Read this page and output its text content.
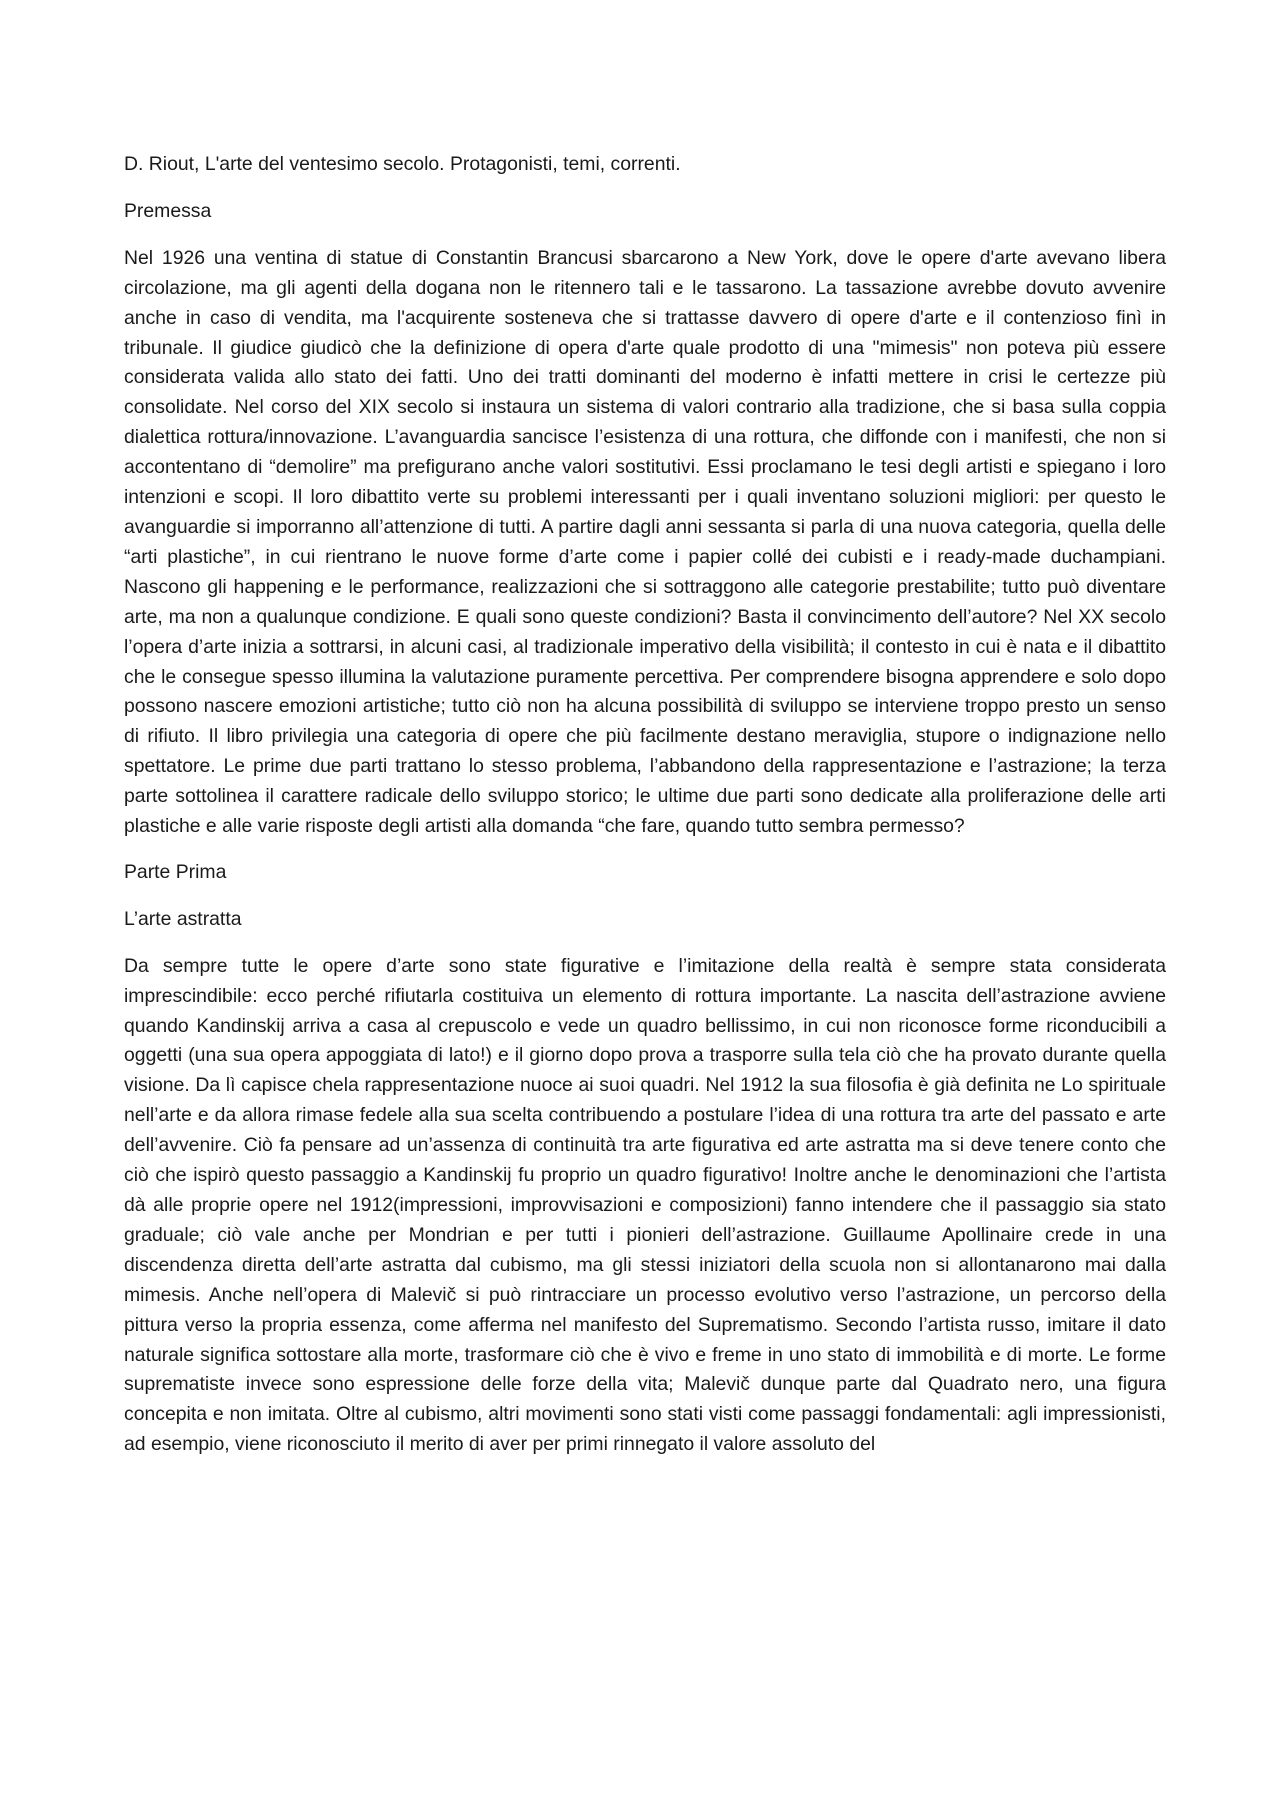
D. Riout, L'arte del ventesimo secolo. Protagonisti, temi, correnti.

Premessa

Nel 1926 una ventina di statue di Constantin Brancusi sbarcarono a New York, dove le opere d'arte avevano libera circolazione, ma gli agenti della dogana non le ritennero tali e le tassarono. La tassazione avrebbe dovuto avvenire anche in caso di vendita, ma l'acquirente sosteneva che si trattasse davvero di opere d'arte e il contenzioso finì in tribunale. Il giudice giudicò che la definizione di opera d'arte quale prodotto di una "mimesis" non poteva più essere considerata valida allo stato dei fatti. Uno dei tratti dominanti del moderno è infatti mettere in crisi le certezze più consolidate. Nel corso del XIX secolo si instaura un sistema di valori contrario alla tradizione, che si basa sulla coppia dialettica rottura/innovazione. L’avanguardia sancisce l’esistenza di una rottura, che diffonde con i manifesti, che non si accontentano di “demolire” ma prefigurano anche valori sostitutivi. Essi proclamano le tesi degli artisti e spiegano i loro intenzioni e scopi. Il loro dibattito verte su problemi interessanti per i quali inventano soluzioni migliori: per questo le avanguardie si imporranno all’attenzione di tutti. A partire dagli anni sessanta si parla di una nuova categoria, quella delle “arti plastiche”, in cui rientrano le nuove forme d’arte come i papier collé dei cubisti e i ready-made duchampiani. Nascono gli happening e le performance, realizzazioni che si sottraggono alle categorie prestabilite; tutto può diventare arte, ma non a qualunque condizione. E quali sono queste condizioni? Basta il convincimento dell’autore? Nel XX secolo l’opera d’arte inizia a sottrarsi, in alcuni casi, al tradizionale imperativo della visibilità; il contesto in cui è nata e il dibattito che le consegue spesso illumina la valutazione puramente percettiva. Per comprendere bisogna apprendere e solo dopo possono nascere emozioni artistiche; tutto ciò non ha alcuna possibilità di sviluppo se interviene troppo presto un senso di rifiuto. Il libro privilegia una categoria di opere che più facilmente destano meraviglia, stupore o indignazione nello spettatore. Le prime due parti trattano lo stesso problema, l’abbandono della rappresentazione e l’astrazione; la terza parte sottolinea il carattere radicale dello sviluppo storico; le ultime due parti sono dedicate alla proliferazione delle arti plastiche e alle varie risposte degli artisti alla domanda “che fare, quando tutto sembra permesso?

Parte Prima

L’arte astratta

Da sempre tutte le opere d’arte sono state figurative e l’imitazione della realtà è sempre stata considerata imprescindibile: ecco perché rifiutarla costituiva un elemento di rottura importante. La nascita dell’astrazione avviene quando Kandinskij arriva a casa al crepuscolo e vede un quadro bellissimo, in cui non riconosce forme riconducibili a oggetti (una sua opera appoggiata di lato!) e il giorno dopo prova a trasporre sulla tela ciò che ha provato durante quella visione. Da lì capisce chela rappresentazione nuoce ai suoi quadri. Nel 1912 la sua filosofia è già definita ne Lo spirituale nell’arte e da allora rimase fedele alla sua scelta contribuendo a postulare l’idea di una rottura tra arte del passato e arte dell’avvenire. Ciò fa pensare ad un’assenza di continuità tra arte figurativa ed arte astratta ma si deve tenere conto che ciò che ispirò questo passaggio a Kandinskij fu proprio un quadro figurativo! Inoltre anche le denominazioni che l’artista dà alle proprie opere nel 1912(impressioni, improvvisazioni e composizioni) fanno intendere che il passaggio sia stato graduale; ciò vale anche per Mondrian e per tutti i pionieri dell’astrazione. Guillaume Apollinaire crede in una discendenza diretta dell’arte astratta dal cubismo, ma gli stessi iniziatori della scuola non si allontanarono mai dalla mimesis. Anche nell’opera di Malevič si può rintracciare un processo evolutivo verso l’astrazione, un percorso della pittura verso la propria essenza, come afferma nel manifesto del Suprematismo. Secondo l’artista russo, imitare il dato naturale significa sottostare alla morte, trasformare ciò che è vivo e freme in uno stato di immobilità e di morte. Le forme suprematiste invece sono espressione delle forze della vita; Malevič dunque parte dal Quadrato nero, una figura concepita e non imitata. Oltre al cubismo, altri movimenti sono stati visti come passaggi fondamentali: agli impressionisti, ad esempio, viene riconosciuto il merito di aver per primi rinnegato il valore assoluto del
